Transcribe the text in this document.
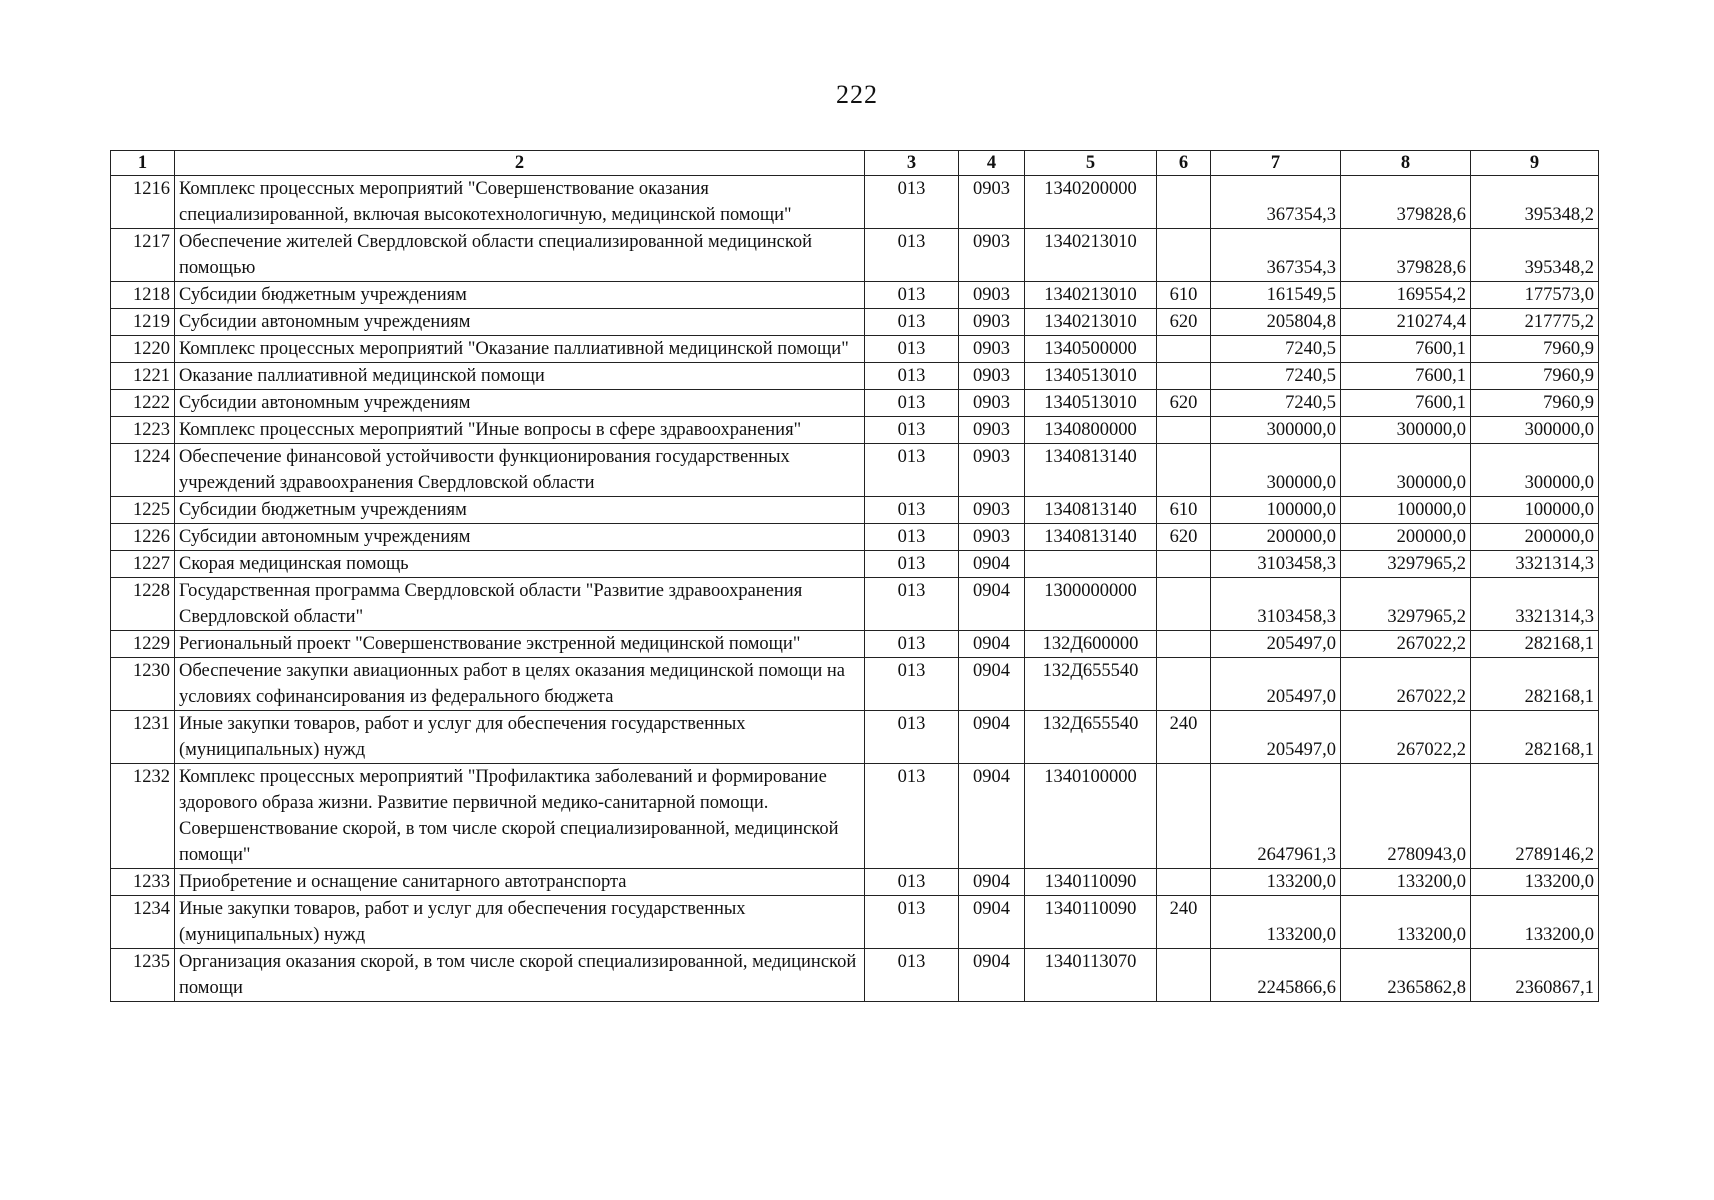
222
1	2	3	4	5	6	7	8	9
1216	Комплекс процессных мероприятий "Совершенствование оказания специализированной, включая высокотехнологичную, медицинской помощи"	013	0903	1340200000		367354,3	379828,6	395348,2
1217	Обеспечение жителей Свердловской области специализированной медицинской помощью	013	0903	1340213010		367354,3	379828,6	395348,2
1218	Субсидии бюджетным учреждениям	013	0903	1340213010	610	161549,5	169554,2	177573,0
1219	Субсидии автономным учреждениям	013	0903	1340213010	620	205804,8	210274,4	217775,2
1220	Комплекс процессных мероприятий "Оказание паллиативной медицинской помощи"	013	0903	1340500000		7240,5	7600,1	7960,9
1221	Оказание паллиативной медицинской помощи	013	0903	1340513010		7240,5	7600,1	7960,9
1222	Субсидии автономным учреждениям	013	0903	1340513010	620	7240,5	7600,1	7960,9
1223	Комплекс процессных мероприятий "Иные вопросы в сфере здравоохранения"	013	0903	1340800000		300000,0	300000,0	300000,0
1224	Обеспечение финансовой устойчивости функционирования государственных учреждений здравоохранения Свердловской области	013	0903	1340813140		300000,0	300000,0	300000,0
1225	Субсидии бюджетным учреждениям	013	0903	1340813140	610	100000,0	100000,0	100000,0
1226	Субсидии автономным учреждениям	013	0903	1340813140	620	200000,0	200000,0	200000,0
1227	Скорая медицинская помощь	013	0904			3103458,3	3297965,2	3321314,3
1228	Государственная программа Свердловской области "Развитие здравоохранения Свердловской области"	013	0904	1300000000		3103458,3	3297965,2	3321314,3
1229	Региональный проект "Совершенствование экстренной медицинской помощи"	013	0904	132Д600000		205497,0	267022,2	282168,1
1230	Обеспечение закупки авиационных работ в целях оказания медицинской помощи на условиях софинансирования из федерального бюджета	013	0904	132Д655540		205497,0	267022,2	282168,1
1231	Иные закупки товаров, работ и услуг для обеспечения государственных (муниципальных) нужд	013	0904	132Д655540	240	205497,0	267022,2	282168,1
1232	Комплекс процессных мероприятий "Профилактика заболеваний и формирование здорового образа жизни. Развитие первичной медико-санитарной помощи. Совершенствование скорой, в том числе скорой специализированной, медицинской помощи"	013	0904	1340100000		2647961,3	2780943,0	2789146,2
1233	Приобретение и оснащение санитарного автотранспорта	013	0904	1340110090		133200,0	133200,0	133200,0
1234	Иные закупки товаров, работ и услуг для обеспечения государственных (муниципальных) нужд	013	0904	1340110090	240	133200,0	133200,0	133200,0
1235	Организация оказания скорой, в том числе скорой специализированной, медицинской помощи	013	0904	1340113070		2245866,6	2365862,8	2360867,1
